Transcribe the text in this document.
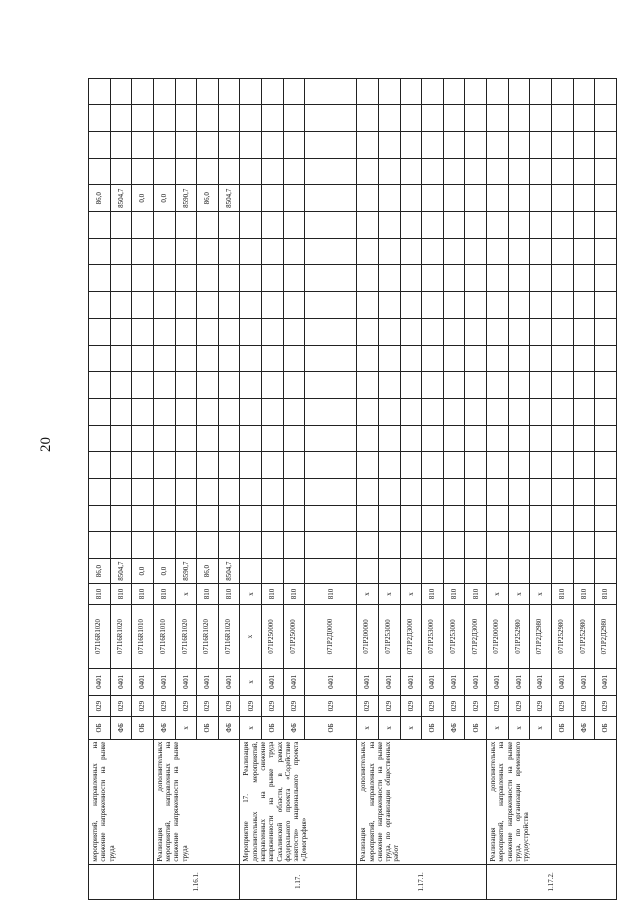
20
	мероприятий, направленных на снижение напряженности на рынке труда	ОБ	029	0401	07116R1020	810	86,0														86,0				
		ФБ	029	0401	07116R1020	810	8504,7														8504,7				
		ОБ	029	0401	07116R1010	810	0,0														0,0				
1.16.1.	Реализация дополнительных мероприятий, направленных на снижение напряженности на рынке труда	ФБ	029	0401	07116R1010	810	0,0														0,0				
		x	029	0401	07116R1020	x	8590,7														8590,7				
		ОБ	029	0401	07116R1020	810	86,0														86,0				
		ФБ	029	0401	07116R1020	810	8504,7														8504,7				
1.17.	Мероприятие 17. Реализация дополнительных мероприятий, направленных на снижение напряженности на рынке труда Сахалинской области, в рамках федерального проекта «Содействие занятости» национального проекта «Демография»	x	029	x	x	x																			
		ОБ	029	0401	071P250000	810																			
		ФБ	029	0401	071P250000	810																			
		ОБ	029	0401	071P2Д0000	810																			
1.17.1.	Реализация дополнительных мероприятий, направленных на снижение напряженности на рынке труда, по организации общественных работ	x	029	0401	071P200000	x																			
		x	029	0401	071P253000	x																			
		x	029	0401	071P2Д3000	x																			
		ОБ	029	0401	071P253000	810																			
		ФБ	029	0401	071P253000	810																			
		ОБ	029	0401	071P2Д3000	810																			
1.17.2.	Реализация дополнительных мероприятий, направленных на снижение напряженности на рынке труда, по организации временного трудоустройства	x	029	0401	071P200000	x																			
		x	029	0401	071P252980	x																			
		x	029	0401	071P2Д2980	x																			
		ОБ	029	0401	071P252980	810																			
		ФБ	029	0401	071P252980	810																			
		ОБ	029	0401	071P2Д2980	810																			
